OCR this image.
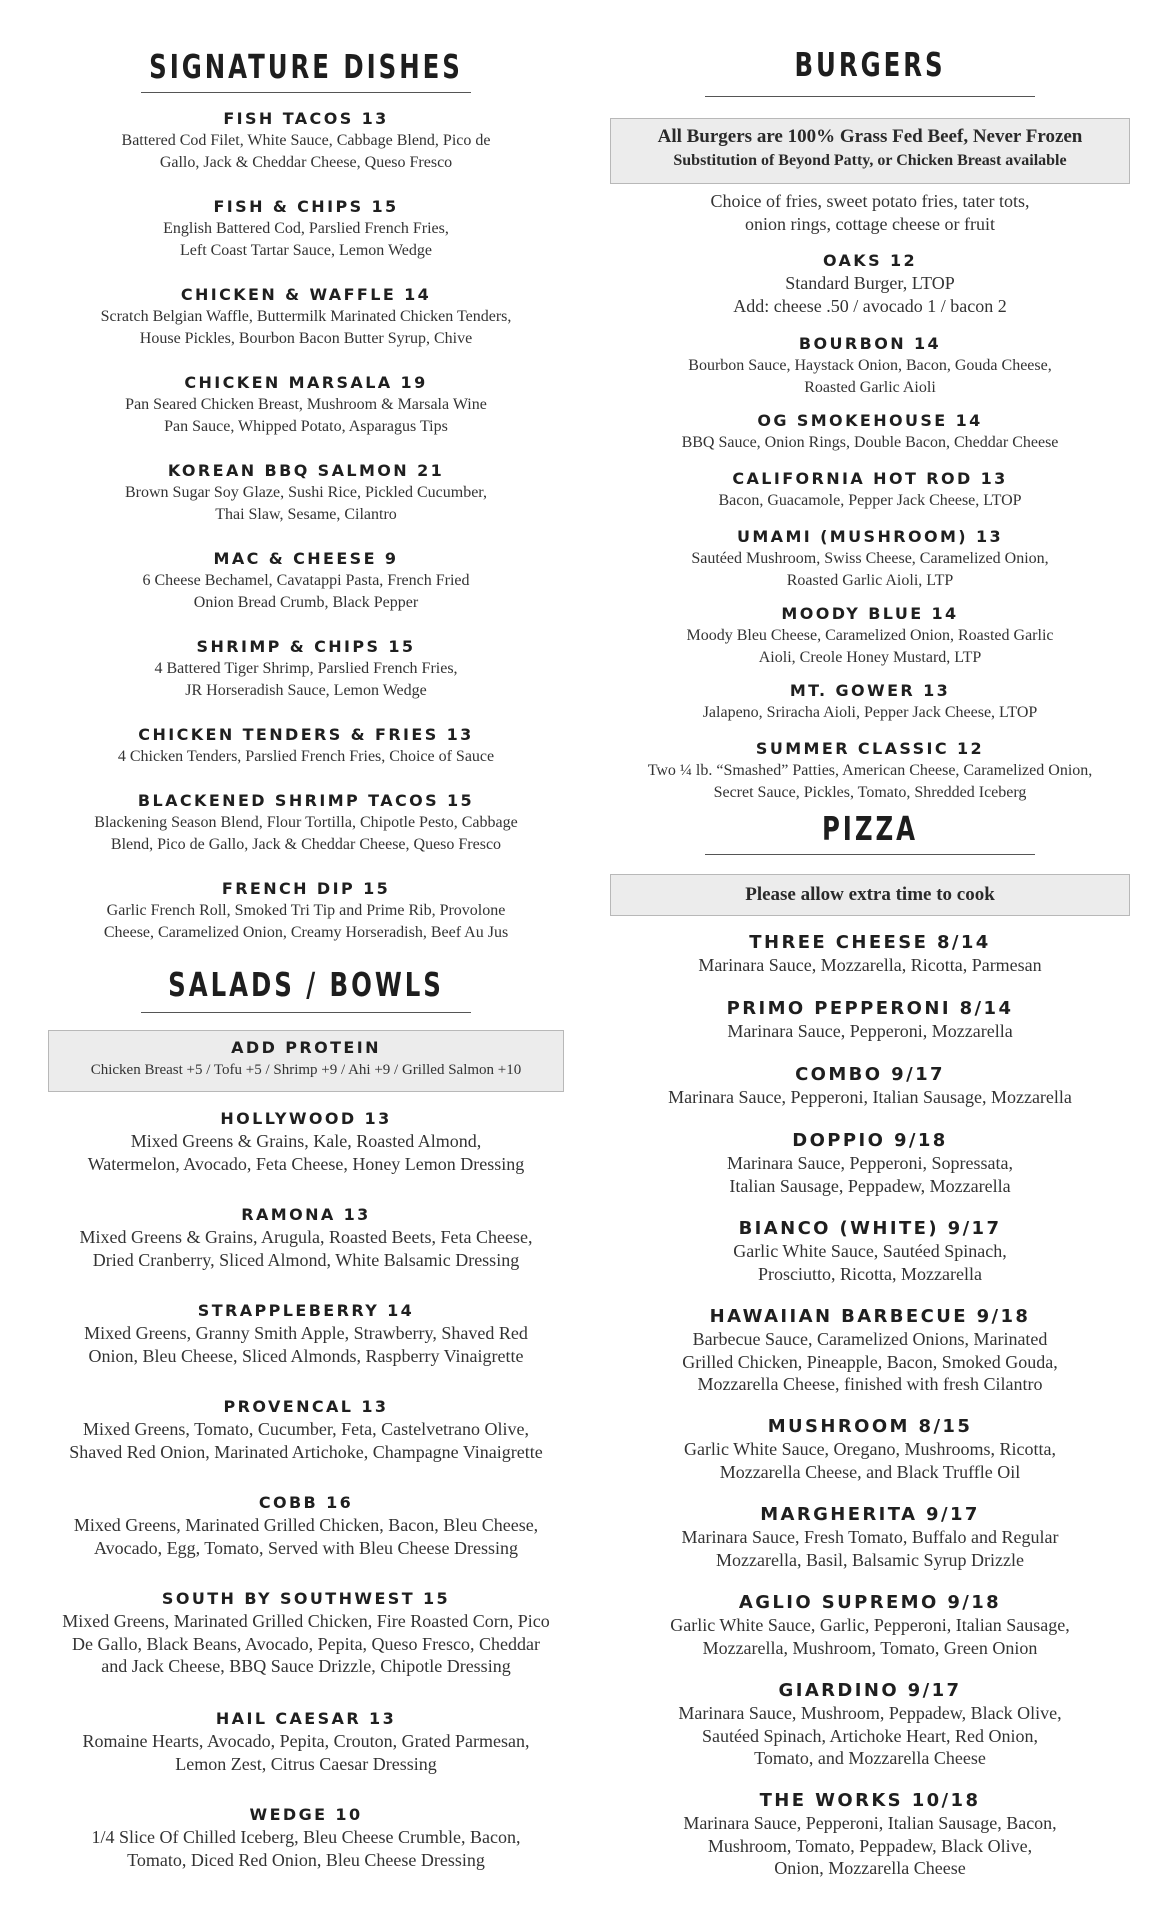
SIGNATURE DISHES
FISH TACOS 13
Battered Cod Filet, White Sauce, Cabbage Blend, Pico de
Gallo, Jack & Cheddar Cheese, Queso Fresco
FISH & CHIPS 15
English Battered Cod, Parslied French Fries,
Left Coast Tartar Sauce, Lemon Wedge
CHICKEN & WAFFLE 14
Scratch Belgian Waffle, Buttermilk Marinated Chicken Tenders,
House Pickles, Bourbon Bacon Butter Syrup, Chive
CHICKEN MARSALA 19
Pan Seared Chicken Breast, Mushroom & Marsala Wine
Pan Sauce, Whipped Potato, Asparagus Tips
KOREAN BBQ SALMON 21
Brown Sugar Soy Glaze, Sushi Rice, Pickled Cucumber,
Thai Slaw, Sesame, Cilantro
MAC & CHEESE 9
6 Cheese Bechamel, Cavatappi Pasta, French Fried
Onion Bread Crumb, Black Pepper
SHRIMP & CHIPS 15
4 Battered Tiger Shrimp, Parslied French Fries,
JR Horseradish Sauce, Lemon Wedge
CHICKEN TENDERS & FRIES 13
4 Chicken Tenders, Parslied French Fries, Choice of Sauce
BLACKENED SHRIMP TACOS 15
Blackening Season Blend, Flour Tortilla, Chipotle Pesto, Cabbage
Blend, Pico de Gallo, Jack & Cheddar Cheese, Queso Fresco
FRENCH DIP 15
Garlic French Roll, Smoked Tri Tip and Prime Rib, Provolone
Cheese, Caramelized Onion, Creamy Horseradish, Beef Au Jus
SALADS / BOWLS
ADD PROTEIN
Chicken Breast +5 / Tofu +5 / Shrimp +9 / Ahi +9 / Grilled Salmon +10
HOLLYWOOD 13
Mixed Greens & Grains, Kale, Roasted Almond,
Watermelon, Avocado, Feta Cheese, Honey Lemon Dressing
RAMONA 13
Mixed Greens & Grains, Arugula, Roasted Beets, Feta Cheese,
Dried Cranberry, Sliced Almond, White Balsamic Dressing
STRAPPLEBERRY 14
Mixed Greens, Granny Smith Apple, Strawberry, Shaved Red
Onion, Bleu Cheese, Sliced Almonds, Raspberry Vinaigrette
PROVENCAL 13
Mixed Greens, Tomato, Cucumber, Feta, Castelvetrano Olive,
Shaved Red Onion, Marinated Artichoke, Champagne Vinaigrette
COBB 16
Mixed Greens, Marinated Grilled Chicken, Bacon, Bleu Cheese,
Avocado, Egg, Tomato, Served with Bleu Cheese Dressing
SOUTH BY SOUTHWEST 15
Mixed Greens, Marinated Grilled Chicken, Fire Roasted Corn, Pico
De Gallo, Black Beans, Avocado, Pepita, Queso Fresco, Cheddar
and Jack Cheese, BBQ Sauce Drizzle, Chipotle Dressing
HAIL CAESAR 13
Romaine Hearts, Avocado, Pepita, Crouton, Grated Parmesan,
Lemon Zest, Citrus Caesar Dressing
WEDGE 10
1/4 Slice Of Chilled Iceberg, Bleu Cheese Crumble, Bacon,
Tomato, Diced Red Onion, Bleu Cheese Dressing
BURGERS
All Burgers are 100% Grass Fed Beef, Never Frozen
Substitution of Beyond Patty, or Chicken Breast available
Choice of fries, sweet potato fries, tater tots,
onion rings, cottage cheese or fruit
OAKS 12
Standard Burger, LTOP
Add: cheese .50 / avocado 1 / bacon 2
BOURBON 14
Bourbon Sauce, Haystack Onion, Bacon, Gouda Cheese,
Roasted Garlic Aioli
OG SMOKEHOUSE 14
BBQ Sauce, Onion Rings, Double Bacon, Cheddar Cheese
CALIFORNIA HOT ROD 13
Bacon, Guacamole, Pepper Jack Cheese, LTOP
UMAMI (MUSHROOM) 13
Sautéed Mushroom, Swiss Cheese, Caramelized Onion,
Roasted Garlic Aioli, LTP
MOODY BLUE 14
Moody Bleu Cheese, Caramelized Onion, Roasted Garlic
Aioli, Creole Honey Mustard, LTP
MT. GOWER 13
Jalapeno, Sriracha Aioli, Pepper Jack Cheese, LTOP
SUMMER CLASSIC 12
Two ¼ lb. “Smashed” Patties, American Cheese, Caramelized Onion,
Secret Sauce, Pickles, Tomato, Shredded Iceberg
PIZZA
Please allow extra time to cook
THREE CHEESE 8/14
Marinara Sauce, Mozzarella, Ricotta, Parmesan
PRIMO PEPPERONI 8/14
Marinara Sauce, Pepperoni, Mozzarella
COMBO 9/17
Marinara Sauce, Pepperoni, Italian Sausage, Mozzarella
DOPPIO 9/18
Marinara Sauce, Pepperoni, Sopressata,
Italian Sausage, Peppadew, Mozzarella
BIANCO (WHITE) 9/17
Garlic White Sauce, Sautéed Spinach,
Prosciutto, Ricotta, Mozzarella
HAWAIIAN BARBECUE 9/18
Barbecue Sauce, Caramelized Onions, Marinated
Grilled Chicken, Pineapple, Bacon, Smoked Gouda,
Mozzarella Cheese, finished with fresh Cilantro
MUSHROOM 8/15
Garlic White Sauce, Oregano, Mushrooms, Ricotta,
Mozzarella Cheese, and Black Truffle Oil
MARGHERITA 9/17
Marinara Sauce, Fresh Tomato, Buffalo and Regular
Mozzarella, Basil, Balsamic Syrup Drizzle
AGLIO SUPREMO 9/18
Garlic White Sauce, Garlic, Pepperoni, Italian Sausage,
Mozzarella, Mushroom, Tomato, Green Onion
GIARDINO 9/17
Marinara Sauce, Mushroom, Peppadew, Black Olive,
Sautéed Spinach, Artichoke Heart, Red Onion,
Tomato, and Mozzarella Cheese
THE WORKS 10/18
Marinara Sauce, Pepperoni, Italian Sausage, Bacon,
Mushroom, Tomato, Peppadew, Black Olive,
Onion, Mozzarella Cheese
